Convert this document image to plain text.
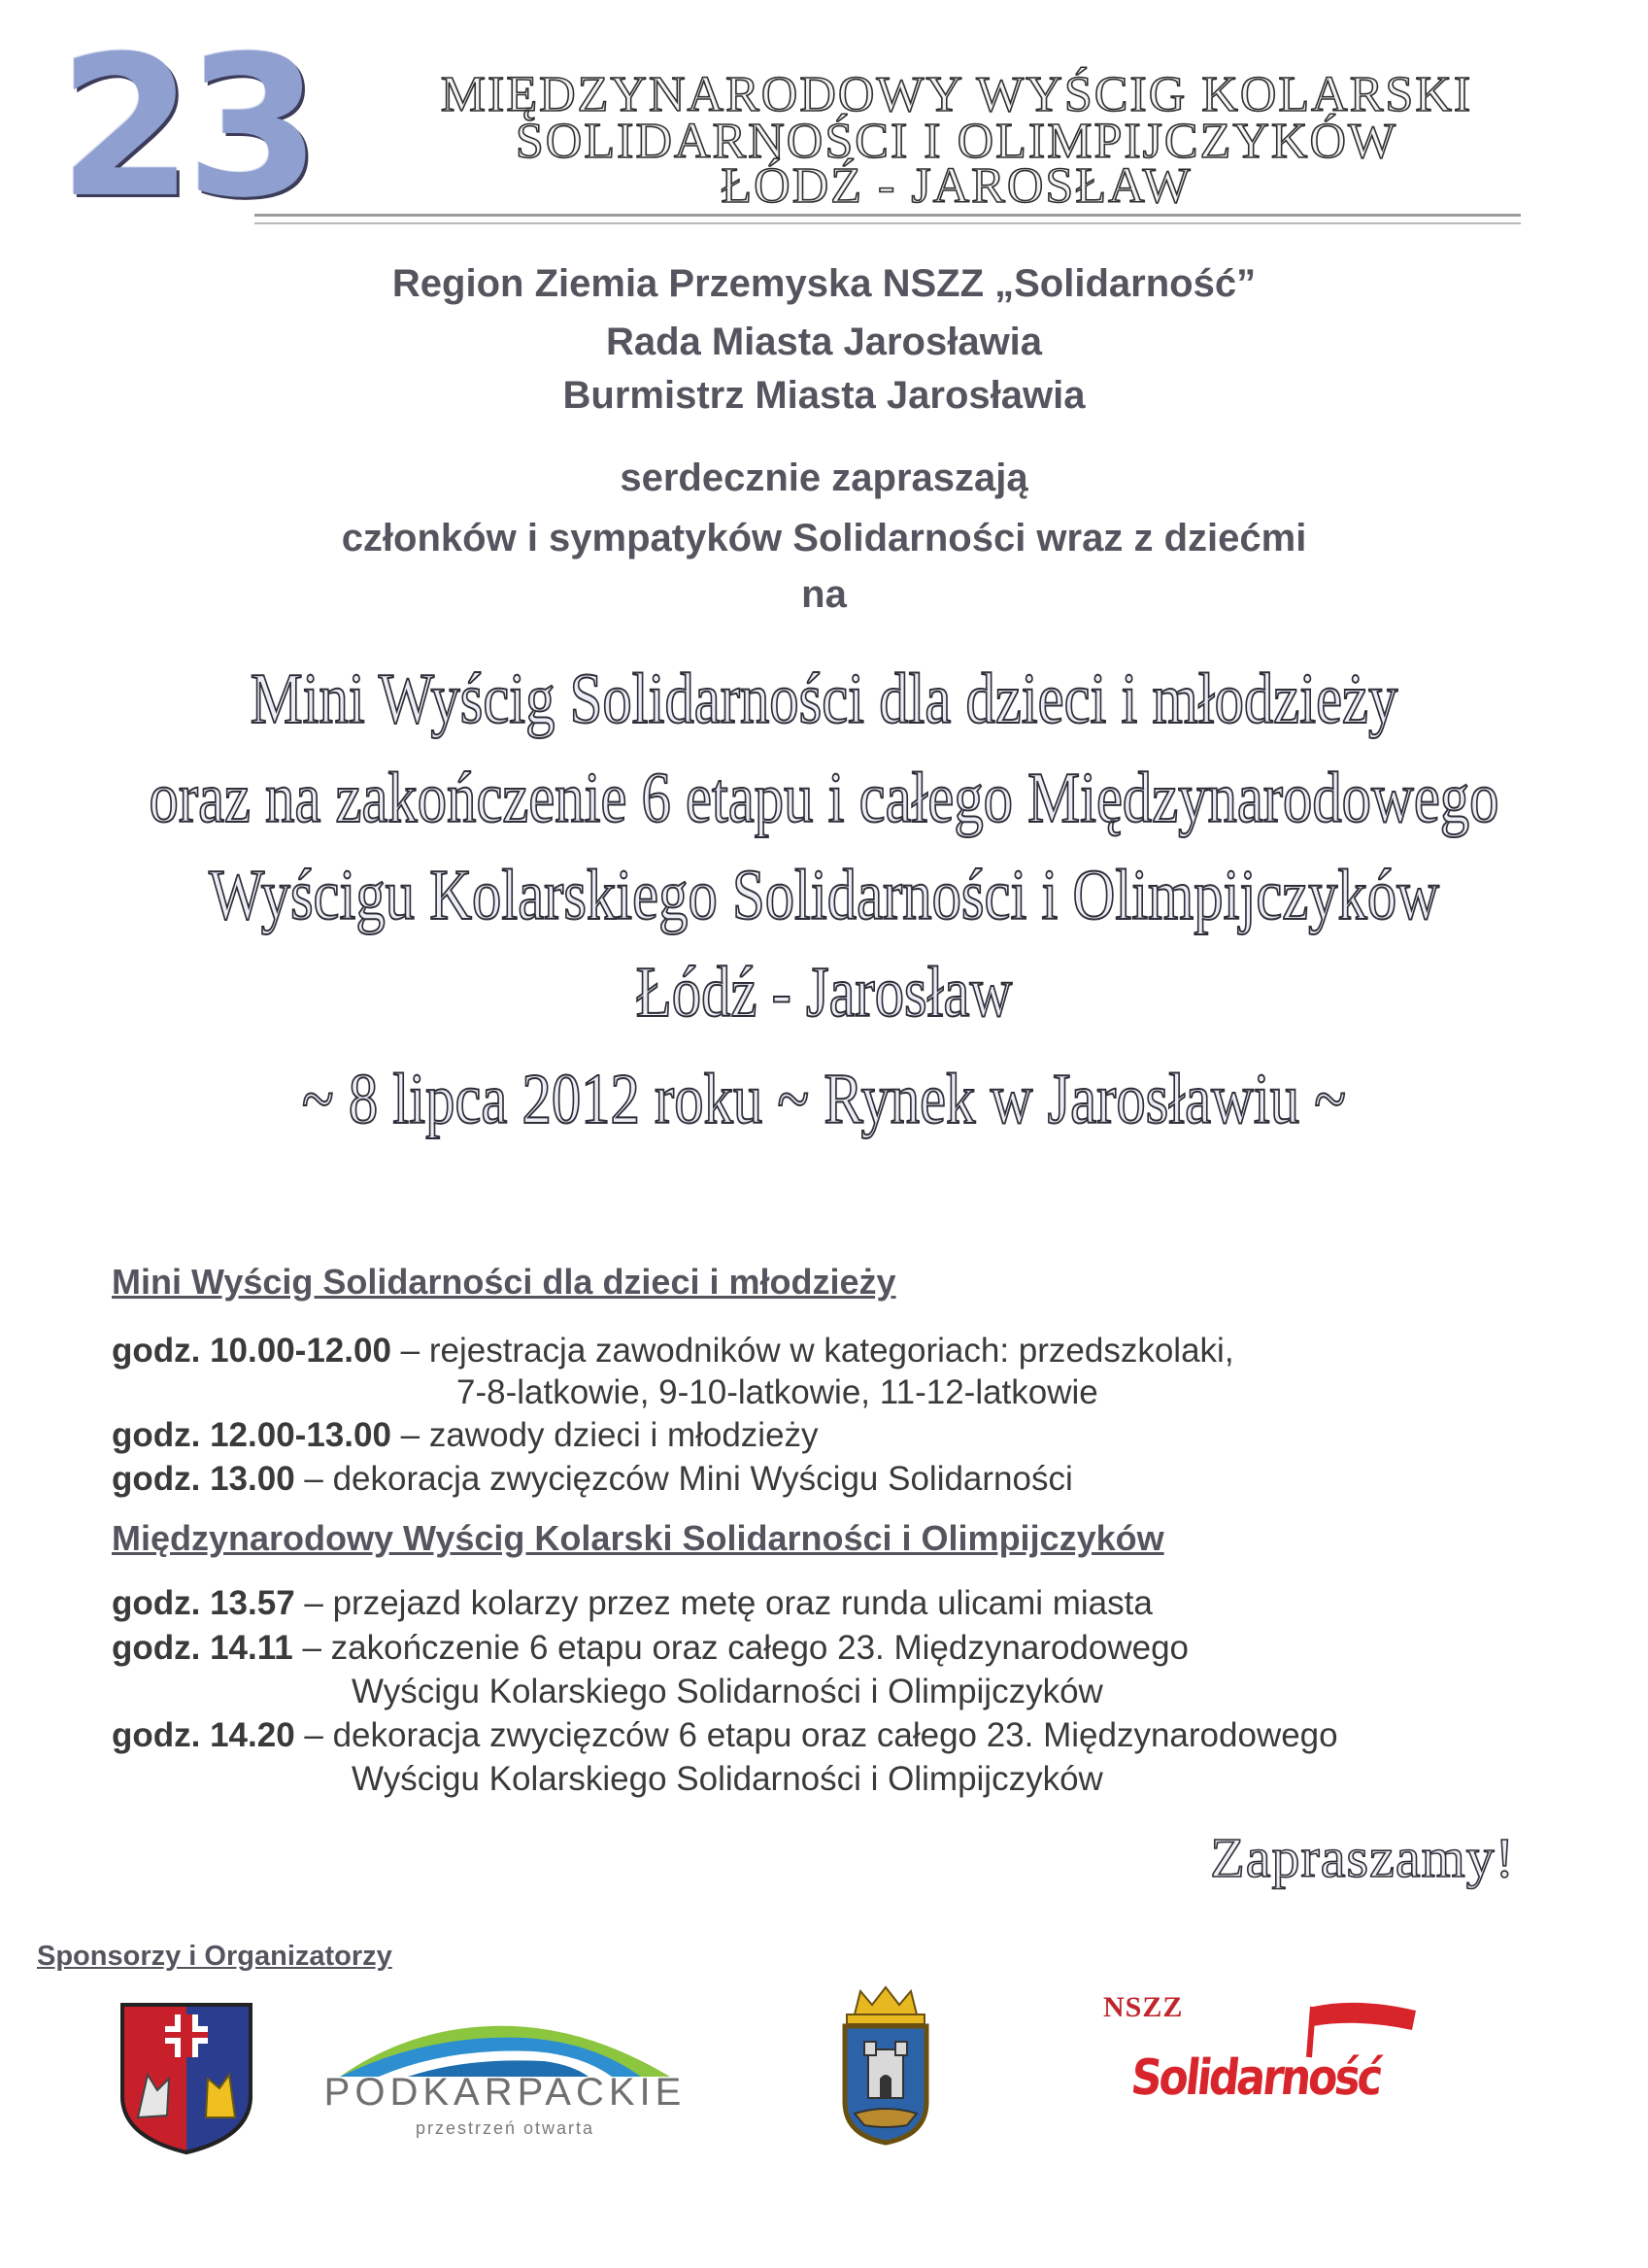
23	MIĘDZYNARODOWY WYŚCIG KOLARSKI
SOLIDARNOŚCI I OLIMPIJCZYKÓW
ŁÓDŹ - JAROSŁAW
Region Ziemia Przemyska NSZZ „Solidarność”
Rada Miasta Jarosławia
Burmistrz Miasta Jarosławia
serdecznie zapraszają
członków i sympatyków Solidarności wraz z dziećmi
na
Mini Wyścig Solidarności dla dzieci i młodzieży
oraz na zakończenie 6 etapu i całego Międzynarodowego
Wyścigu Kolarskiego Solidarności i Olimpijczyków
Łódź - Jarosław
~ 8 lipca 2012 roku ~ Rynek w Jarosławiu ~
Mini Wyścig Solidarności dla dzieci i młodzieży
godz. 10.00-12.00 – rejestracja zawodników w kategoriach: przedszkolaki,
7-8-latkowie, 9-10-latkowie, 11-12-latkowie
godz. 12.00-13.00 – zawody dzieci i młodzieży
godz. 13.00 – dekoracja zwycięzców Mini Wyścigu Solidarności
Międzynarodowy Wyścig Kolarski Solidarności i Olimpijczyków
godz. 13.57 – przejazd kolarzy przez metę oraz runda ulicami miasta
godz. 14.11 – zakończenie 6 etapu oraz całego 23. Międzynarodowego
Wyścigu Kolarskiego Solidarności i Olimpijczyków
godz. 14.20 – dekoracja zwycięzców 6 etapu oraz całego 23. Międzynarodowego
Wyścigu Kolarskiego Solidarności i Olimpijczyków
Zapraszamy!
Sponsorzy i Organizatorzy
PODKARPACKIE
przestrzeń otwarta
NSZZ
Solidarność
